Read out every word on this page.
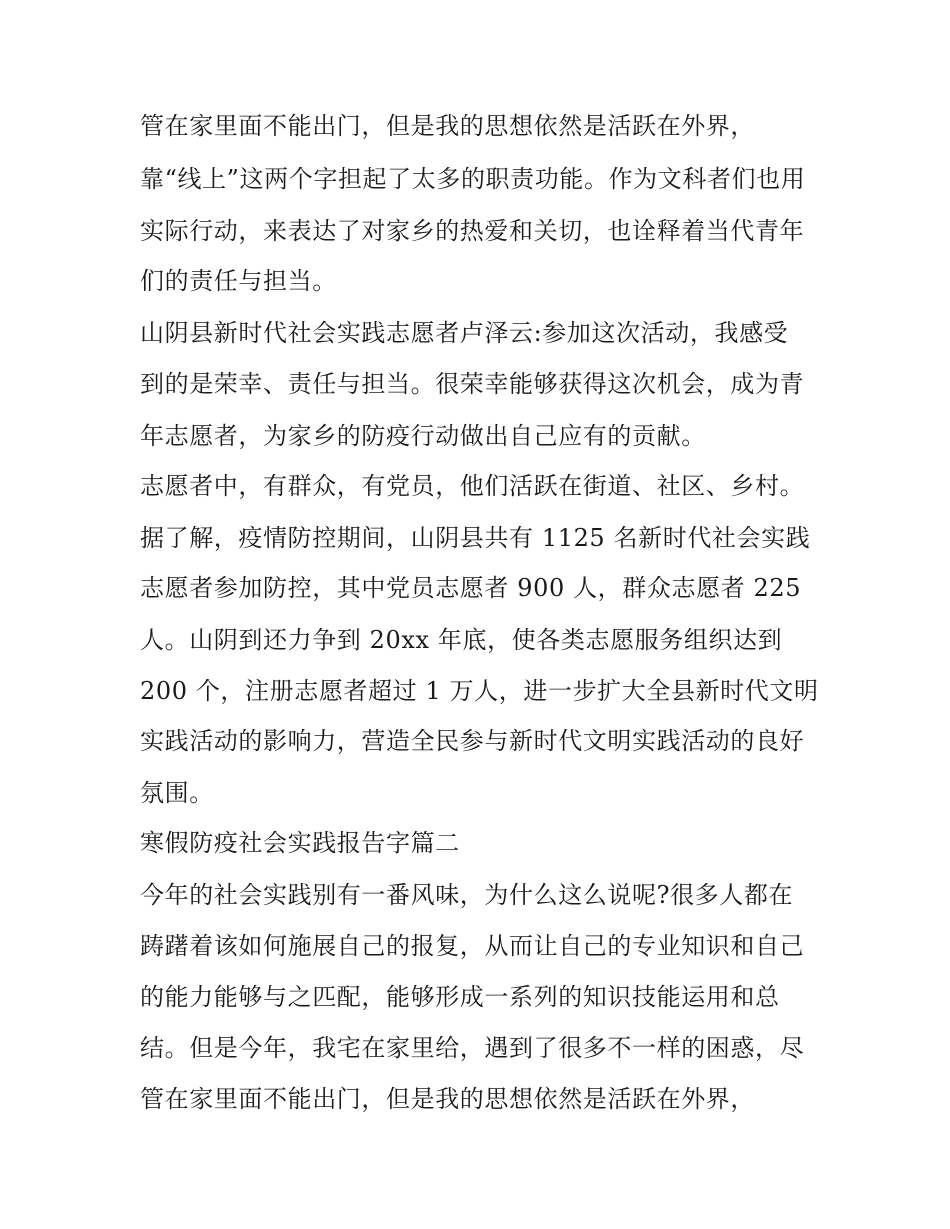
管在家里面不能出门，但是我的思想依然是活跃在外界，
靠“线上”这两个字担起了太多的职责功能。作为文科者们也用
实际行动，来表达了对家乡的热爱和关切，也诠释着当代青年
们的责任与担当。
山阴县新时代社会实践志愿者卢泽云:参加这次活动，我感受
到的是荣幸、责任与担当。很荣幸能够获得这次机会，成为青
年志愿者，为家乡的防疫行动做出自己应有的贡献。
志愿者中，有群众，有党员，他们活跃在街道、社区、乡村。
据了解，疫情防控期间，山阴县共有 1125 名新时代社会实践
志愿者参加防控，其中党员志愿者 900 人，群众志愿者 225
人。山阴到还力争到 20xx 年底，使各类志愿服务组织达到
200 个，注册志愿者超过 1 万人，进一步扩大全县新时代文明
实践活动的影响力，营造全民参与新时代文明实践活动的良好
氛围。
寒假防疫社会实践报告字篇二
今年的社会实践别有一番风味，为什么这么说呢?很多人都在
踌躇着该如何施展自己的报复，从而让自己的专业知识和自己
的能力能够与之匹配，能够形成一系列的知识技能运用和总
结。但是今年，我宅在家里给，遇到了很多不一样的困惑，尽
管在家里面不能出门，但是我的思想依然是活跃在外界，
